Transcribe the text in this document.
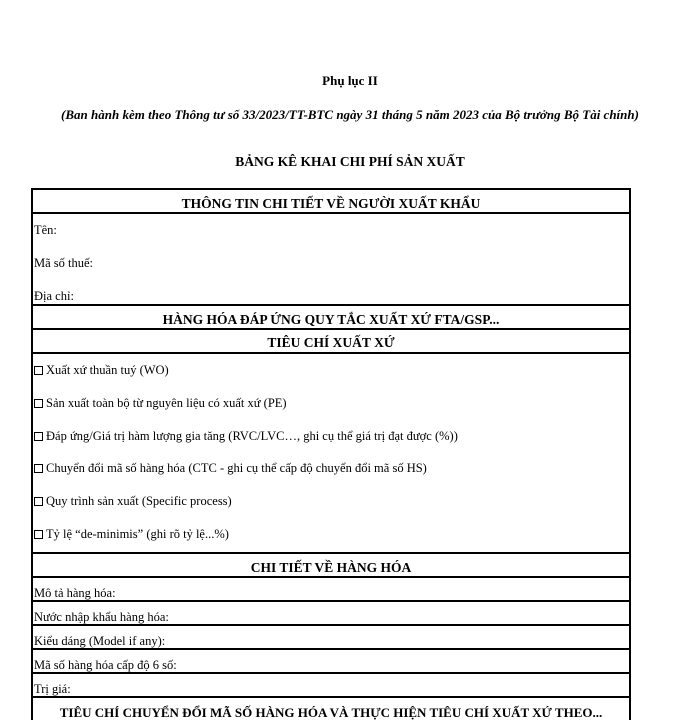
Phụ lục II
(Ban hành kèm theo Thông tư số 33/2023/TT-BTC ngày 31 tháng 5 năm 2023 của Bộ trưởng Bộ Tài chính)
BẢNG KÊ KHAI CHI PHÍ SẢN XUẤT
THÔNG TIN CHI TIẾT VỀ NGƯỜI XUẤT KHẨU
Tên:
Mã số thuế:
Địa chỉ:
HÀNG HÓA ĐÁP ỨNG QUY TẮC XUẤT XỨ FTA/GSP...
TIÊU CHÍ XUẤT XỨ
Xuất xứ thuần tuý (WO)
Sản xuất toàn bộ từ nguyên liệu có xuất xứ (PE)
Đáp ứng/Giá trị hàm lượng gia tăng (RVC/LVC…, ghi cụ thể giá trị đạt được (%))
Chuyển đổi mã số hàng hóa (CTC - ghi cụ thể cấp độ chuyển đổi mã số HS)
Quy trình sản xuất (Specific process)
Tỷ lệ “de-minimis” (ghi rõ tỷ lệ...%)
CHI TIẾT VỀ HÀNG HÓA
Mô tả hàng hóa:
Nước nhập khẩu hàng hóa:
Kiểu dáng (Model if any):
Mã số hàng hóa cấp độ 6 số:
Trị giá:
TIÊU CHÍ CHUYỂN ĐỔI MÃ SỐ HÀNG HÓA VÀ THỰC HIỆN TIÊU CHÍ XUẤT XỨ THEO...
